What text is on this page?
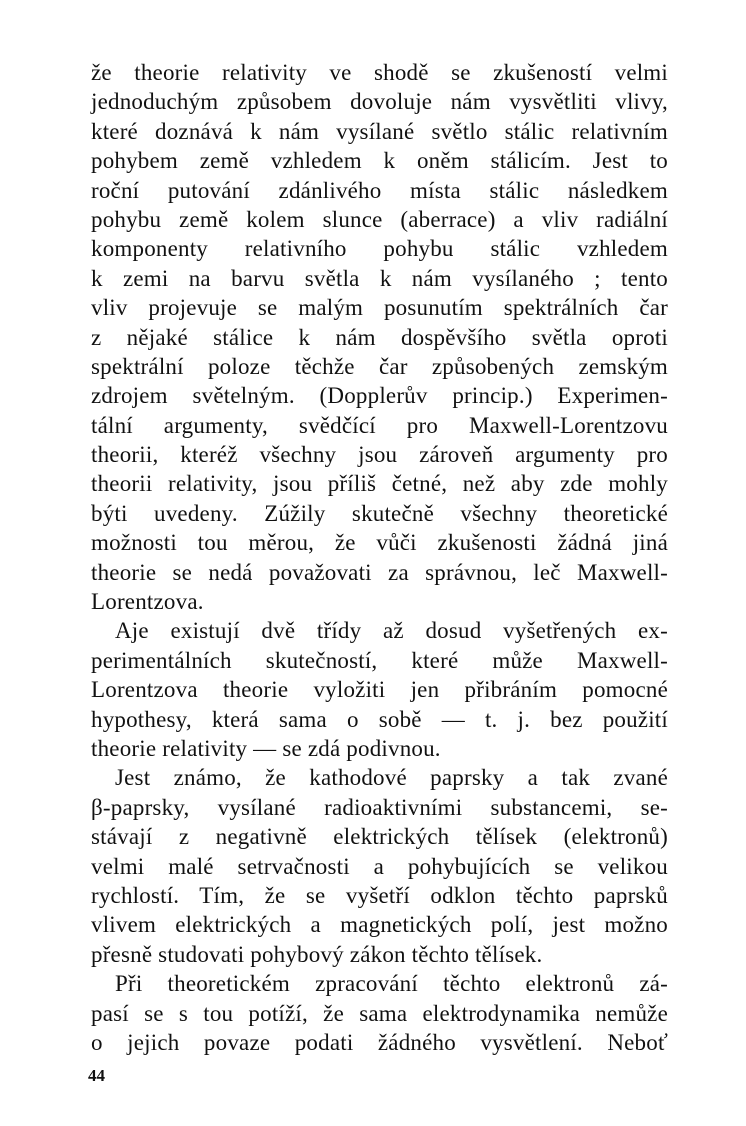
že theorie relativity ve shodě se zkušeností velmi
jednoduchým způsobem dovoluje nám vysvětliti vlivy,
které doznává k nám vysílané světlo stálic relativním
pohybem země vzhledem k oněm stálicím. Jest to
roční putování zdánlivého místa stálic následkem
pohybu země kolem slunce (aberrace) a vliv radiální
komponenty relativního pohybu stálic vzhledem
k zemi na barvu světla k nám vysílaného ; tento
vliv projevuje se malým posunutím spektrálních čar
z nějaké stálice k nám dospěvšího světla oproti
spektrální poloze těchže čar způsobených zemským
zdrojem světelným. (Dopplerův princip.) Experimen-
tální argumenty, svědčící pro Maxwell-Lorentzovu
theorii, kteréž všechny jsou zároveň argumenty pro
theorii relativity, jsou příliš četné, než aby zde mohly
býti uvedeny. Zúžily skutečně všechny theoretické
možnosti tou měrou, že vůči zkušenosti žádná jiná
theorie se nedá považovati za správnou, leč Maxwell-
Lorentzova.
Aje existují dvě třídy až dosud vyšetřených ex-
perimentálních skutečností, které může Maxwell-
Lorentzova theorie vyložiti jen přibráním pomocné
hypothesy, která sama o sobě — t. j. bez použití
theorie relativity — se zdá podivnou.
Jest známo, že kathodové paprsky a tak zvané
β-paprsky, vysílané radioaktivními substancemi, se-
stávají z negativně elektrických tělísek (elektronů)
velmi malé setrvačnosti a pohybujících se velikou
rychlostí. Tím, že se vyšetří odklon těchto paprsků
vlivem elektrických a magnetických polí, jest možno
přesně studovati pohybový zákon těchto tělísek.
Při theoretickém zpracování těchto elektronů zá-
pasí se s tou potíží, že sama elektrodynamika nemůže
o jejich povaze podati žádného vysvětlení. Neboť
44
